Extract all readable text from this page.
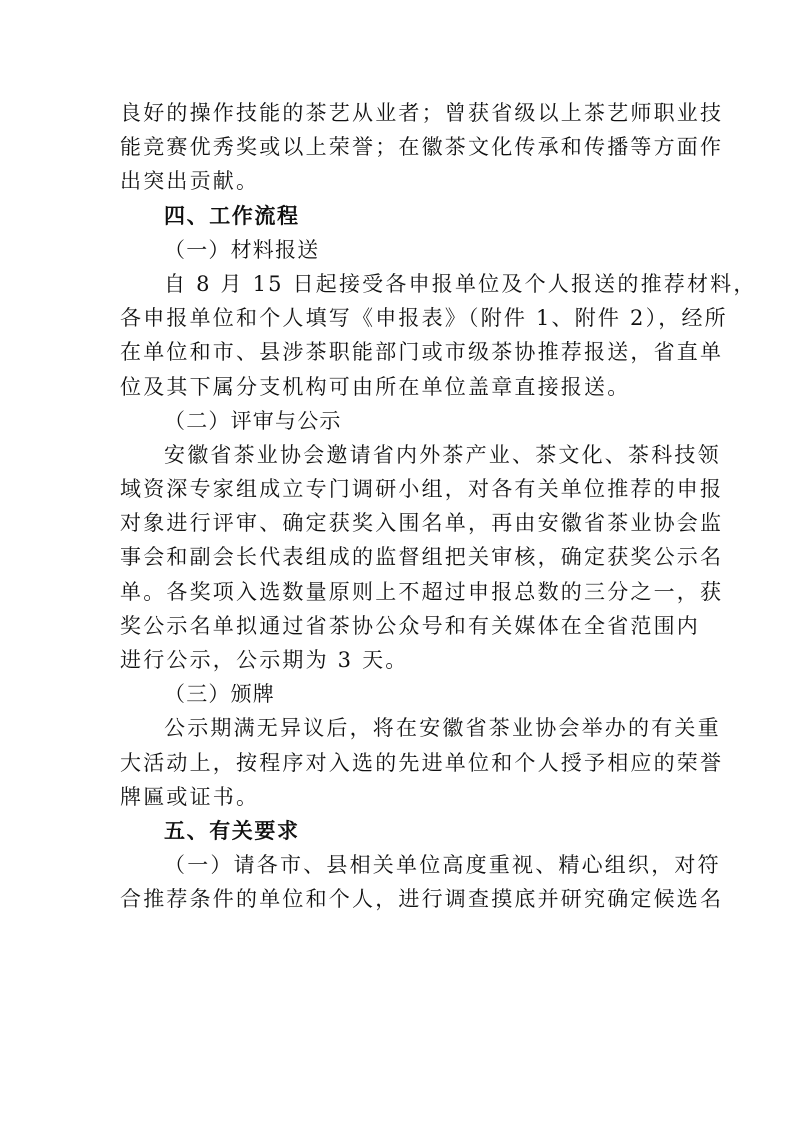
良好的操作技能的茶艺从业者；曾获省级以上茶艺师职业技
能竞赛优秀奖或以上荣誉；在徽茶文化传承和传播等方面作
出突出贡献。
四、工作流程
（一）材料报送
自 8 月 15 日起接受各申报单位及个人报送的推荐材料，
各申报单位和个人填写《申报表》（附件 1、附件 2），经所
在单位和市、县涉茶职能部门或市级茶协推荐报送，省直单
位及其下属分支机构可由所在单位盖章直接报送。
（二）评审与公示
安徽省茶业协会邀请省内外茶产业、茶文化、茶科技领
域资深专家组成立专门调研小组，对各有关单位推荐的申报
对象进行评审、确定获奖入围名单，再由安徽省茶业协会监
事会和副会长代表组成的监督组把关审核，确定获奖公示名
单。各奖项入选数量原则上不超过申报总数的三分之一，获
奖公示名单拟通过省茶协公众号和有关媒体在全省范围内
进行公示，公示期为 3 天。
（三）颁牌
公示期满无异议后，将在安徽省茶业协会举办的有关重
大活动上，按程序对入选的先进单位和个人授予相应的荣誉
牌匾或证书。
五、有关要求
（一）请各市、县相关单位高度重视、精心组织，对符
合推荐条件的单位和个人，进行调查摸底并研究确定候选名
